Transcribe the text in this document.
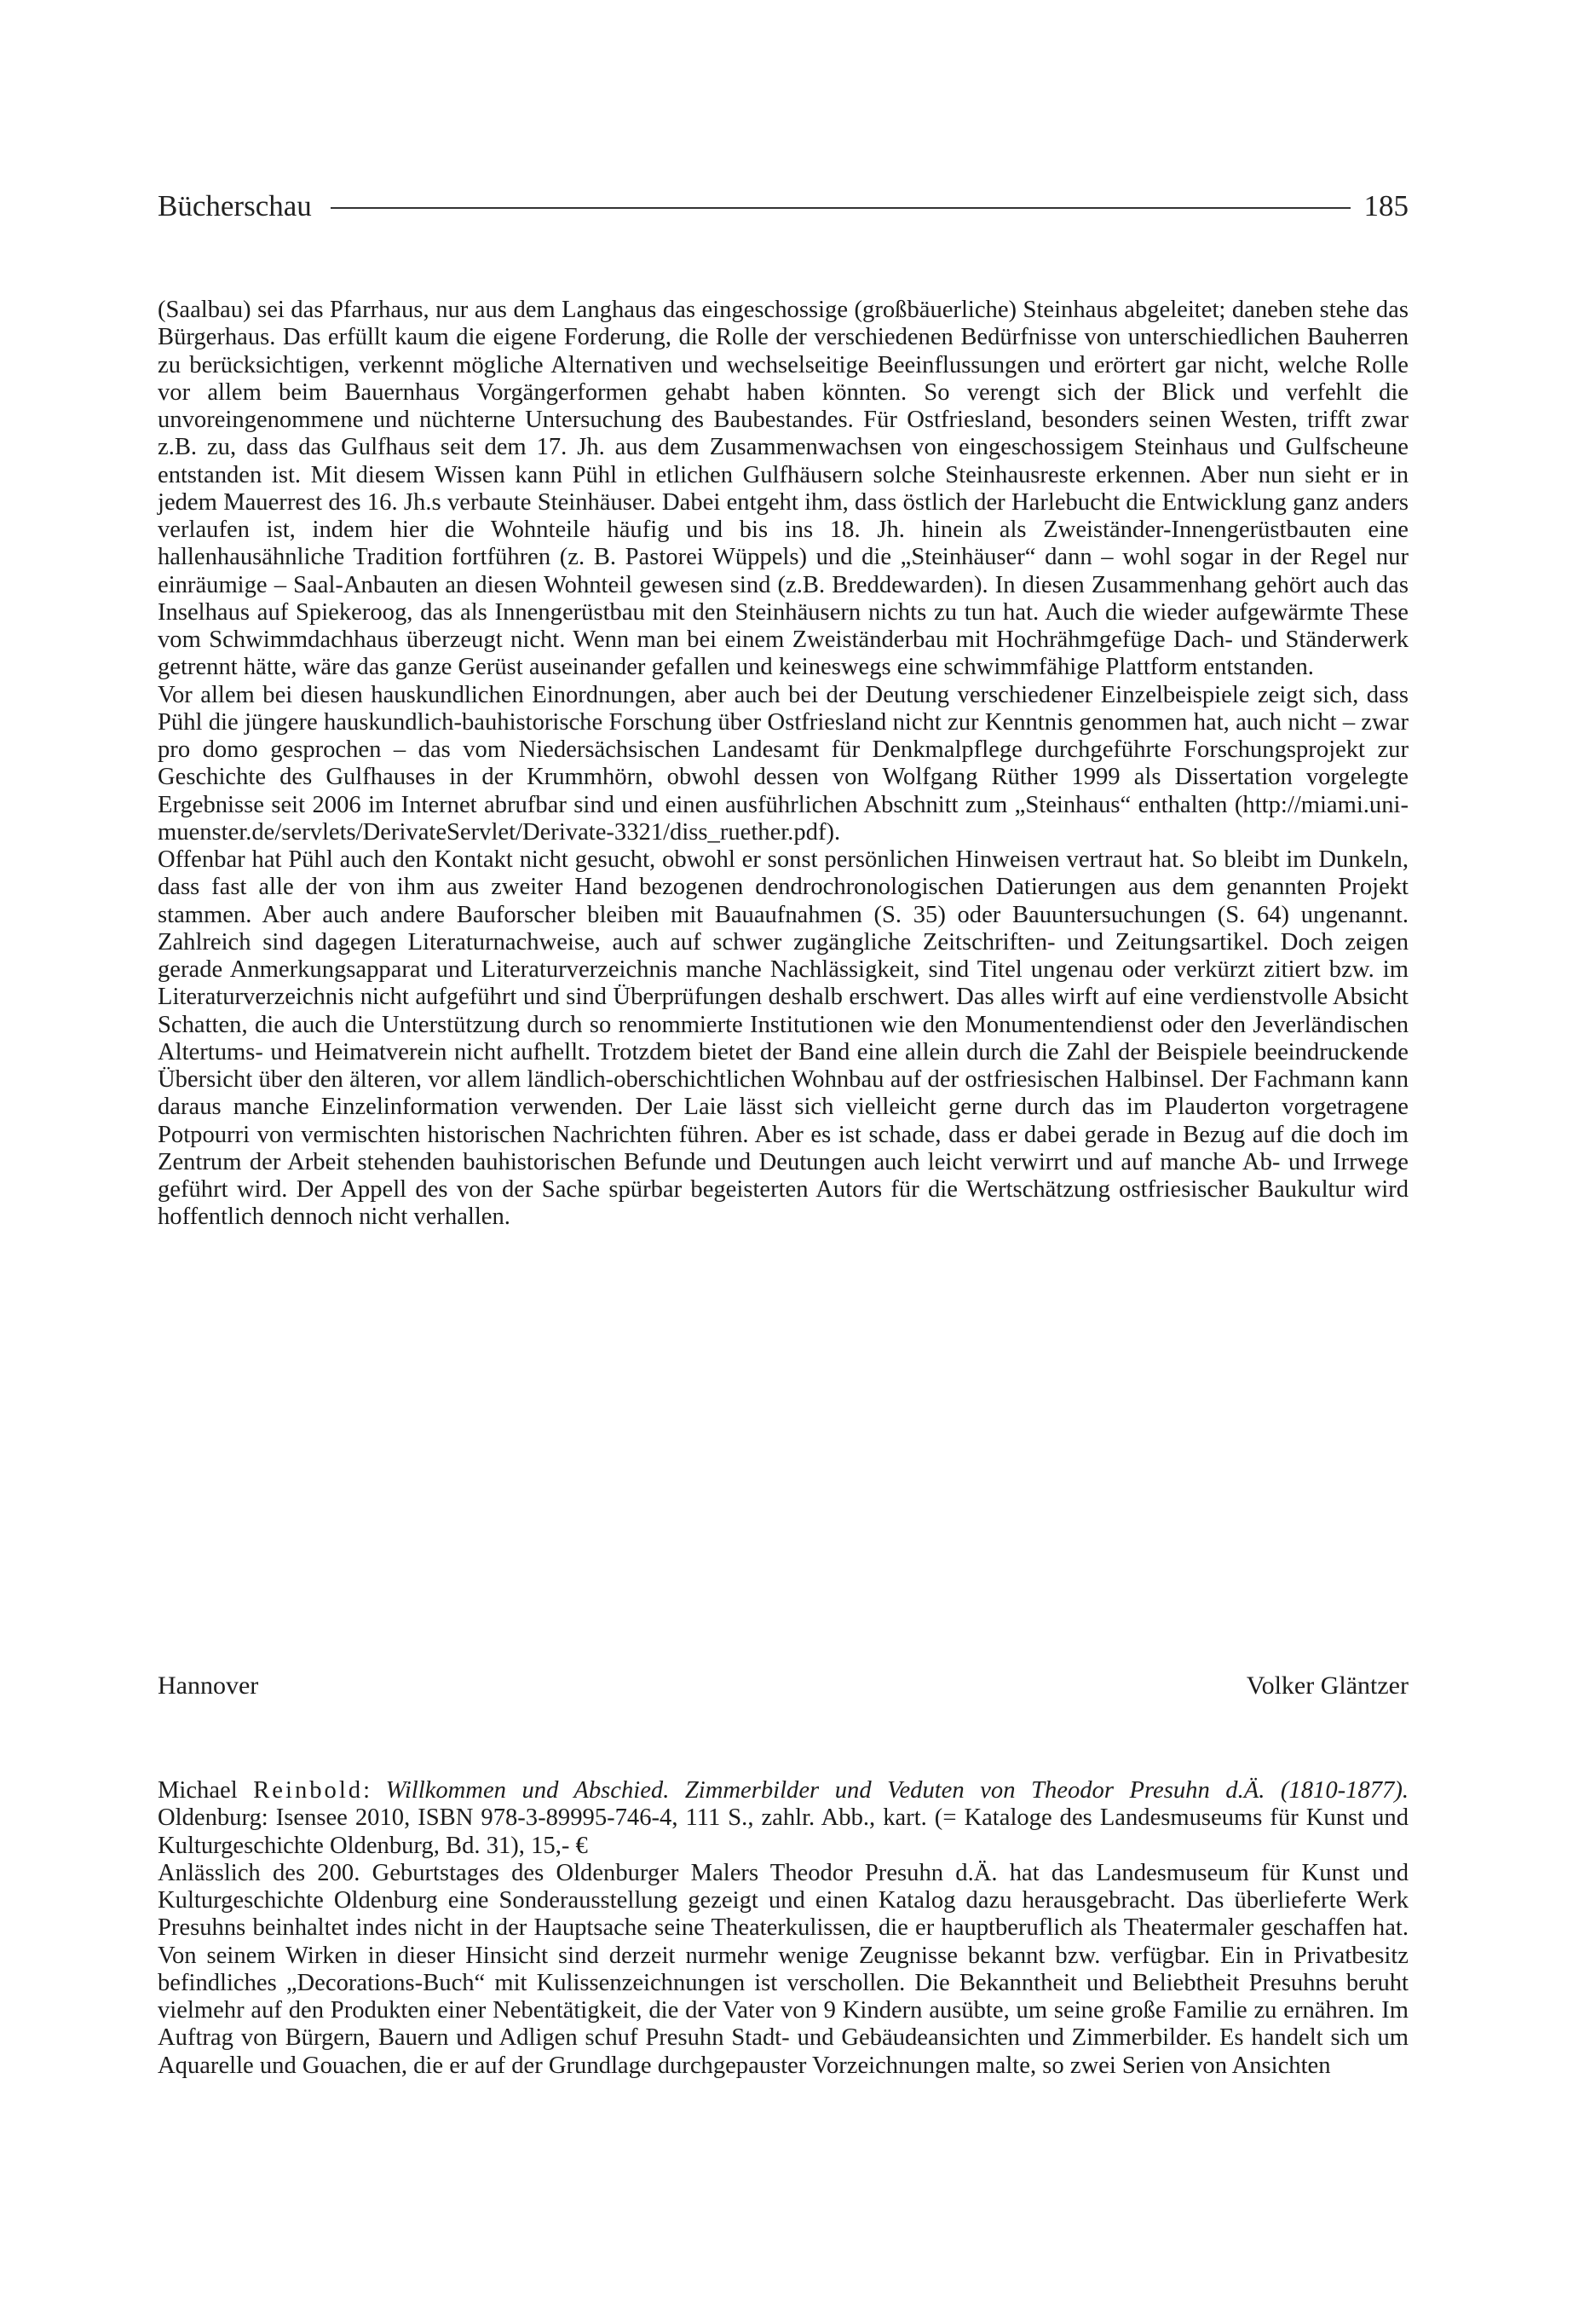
Bücherschau	185

(Saalbau) sei das Pfarrhaus, nur aus dem Langhaus das eingeschossige (großbäuerliche) Steinhaus abgeleitet; daneben stehe das Bürgerhaus. Das erfüllt kaum die eigene Forderung, die Rolle der verschiedenen Bedürfnisse von unterschiedlichen Bauherren zu berücksichtigen, verkennt mögliche Alternativen und wechselseitige Beeinflussungen und erörtert gar nicht, welche Rolle vor allem beim Bauernhaus Vorgängerformen gehabt haben könnten. So verengt sich der Blick und verfehlt die unvoreingenommene und nüchterne Untersuchung des Baubestandes. Für Ostfriesland, besonders seinen Westen, trifft zwar z.B. zu, dass das Gulfhaus seit dem 17. Jh. aus dem Zusammenwachsen von eingeschossigem Steinhaus und Gulfscheune entstanden ist. Mit diesem Wissen kann Pühl in etlichen Gulfhäusern solche Steinhausreste erkennen. Aber nun sieht er in jedem Mauerrest des 16. Jh.s verbaute Steinhäuser. Dabei entgeht ihm, dass östlich der Harlebucht die Entwicklung ganz anders verlaufen ist, indem hier die Wohnteile häufig und bis ins 18. Jh. hinein als Zweiständer-Innengerüstbauten eine hallenhausähnliche Tradition fortführen (z. B. Pastorei Wüppels) und die „Steinhäuser“ dann – wohl sogar in der Regel nur einräumige – Saal-Anbauten an diesen Wohnteil gewesen sind (z.B. Breddewarden). In diesen Zusammenhang gehört auch das Inselhaus auf Spiekeroog, das als Innengerüstbau mit den Steinhäusern nichts zu tun hat. Auch die wieder aufgewärmte These vom Schwimmdachhaus überzeugt nicht. Wenn man bei einem Zweiständerbau mit Hochrähmgefüge Dach- und Ständerwerk getrennt hätte, wäre das ganze Gerüst auseinander gefallen und keineswegs eine schwimmfähige Plattform entstanden.

Vor allem bei diesen hauskundlichen Einordnungen, aber auch bei der Deutung verschiedener Einzelbeispiele zeigt sich, dass Pühl die jüngere hauskundlich-bauhistorische Forschung über Ostfriesland nicht zur Kenntnis genommen hat, auch nicht – zwar pro domo gesprochen – das vom Niedersächsischen Landesamt für Denkmalpflege durchgeführte Forschungsprojekt zur Geschichte des Gulfhauses in der Krummhörn, obwohl dessen von Wolfgang Rüther 1999 als Dissertation vorgelegte Ergebnisse seit 2006 im Internet abrufbar sind und einen ausführlichen Abschnitt zum „Steinhaus“ enthalten (http://miami.uni-muenster.de/servlets/DerivateServlet/Derivate-3321/diss_ruether.pdf).

Offenbar hat Pühl auch den Kontakt nicht gesucht, obwohl er sonst persönlichen Hinweisen vertraut hat. So bleibt im Dunkeln, dass fast alle der von ihm aus zweiter Hand bezogenen dendrochronologischen Datierungen aus dem genannten Projekt stammen. Aber auch andere Bauforscher bleiben mit Bauaufnahmen (S. 35) oder Bauuntersuchungen (S. 64) ungenannt. Zahlreich sind dagegen Literaturnachweise, auch auf schwer zugängliche Zeitschriften- und Zeitungsartikel. Doch zeigen gerade Anmerkungsapparat und Literaturverzeichnis manche Nachlässigkeit, sind Titel ungenau oder verkürzt zitiert bzw. im Literaturverzeichnis nicht aufgeführt und sind Überprüfungen deshalb erschwert. Das alles wirft auf eine verdienstvolle Absicht Schatten, die auch die Unterstützung durch so renommierte Institutionen wie den Monumentendienst oder den Jeverländischen Altertums- und Heimatverein nicht aufhellt. Trotzdem bietet der Band eine allein durch die Zahl der Beispiele beeindruckende Übersicht über den älteren, vor allem ländlich-oberschichtlichen Wohnbau auf der ostfriesischen Halbinsel. Der Fachmann kann daraus manche Einzelinformation verwenden. Der Laie lässt sich vielleicht gerne durch das im Plauderton vorgetragene Potpourri von vermischten historischen Nachrichten führen. Aber es ist schade, dass er dabei gerade in Bezug auf die doch im Zentrum der Arbeit stehenden bauhistorischen Befunde und Deutungen auch leicht verwirrt und auf manche Ab- und Irrwege geführt wird. Der Appell des von der Sache spürbar begeisterten Autors für die Wertschätzung ostfriesischer Baukultur wird hoffentlich dennoch nicht verhallen.

Hannover	Volker Gläntzer

Michael Reinbold: Willkommen und Abschied. Zimmerbilder und Veduten von Theodor Presuhn d.Ä. (1810-1877). Oldenburg: Isensee 2010, ISBN 978-3-89995-746-4, 111 S., zahlr. Abb., kart. (= Kataloge des Landesmuseums für Kunst und Kulturgeschichte Oldenburg, Bd. 31), 15,- €

Anlässlich des 200. Geburtstages des Oldenburger Malers Theodor Presuhn d.Ä. hat das Landesmuseum für Kunst und Kulturgeschichte Oldenburg eine Sonderausstellung gezeigt und einen Katalog dazu herausgebracht. Das überlieferte Werk Presuhns beinhaltet indes nicht in der Hauptsache seine Theaterkulissen, die er hauptberuflich als Theatermaler geschaffen hat. Von seinem Wirken in dieser Hinsicht sind derzeit nurmehr wenige Zeugnisse bekannt bzw. verfügbar. Ein in Privatbesitz befindliches „Decorations-Buch“ mit Kulissenzeichnungen ist verschollen. Die Bekanntheit und Beliebtheit Presuhns beruht vielmehr auf den Produkten einer Nebentätigkeit, die der Vater von 9 Kindern ausübte, um seine große Familie zu ernähren. Im Auftrag von Bürgern, Bauern und Adligen schuf Presuhn Stadt- und Gebäudeansichten und Zimmerbilder. Es handelt sich um Aquarelle und Gouachen, die er auf der Grundlage durchgepauster Vorzeichnungen malte, so zwei Serien von Ansichten
